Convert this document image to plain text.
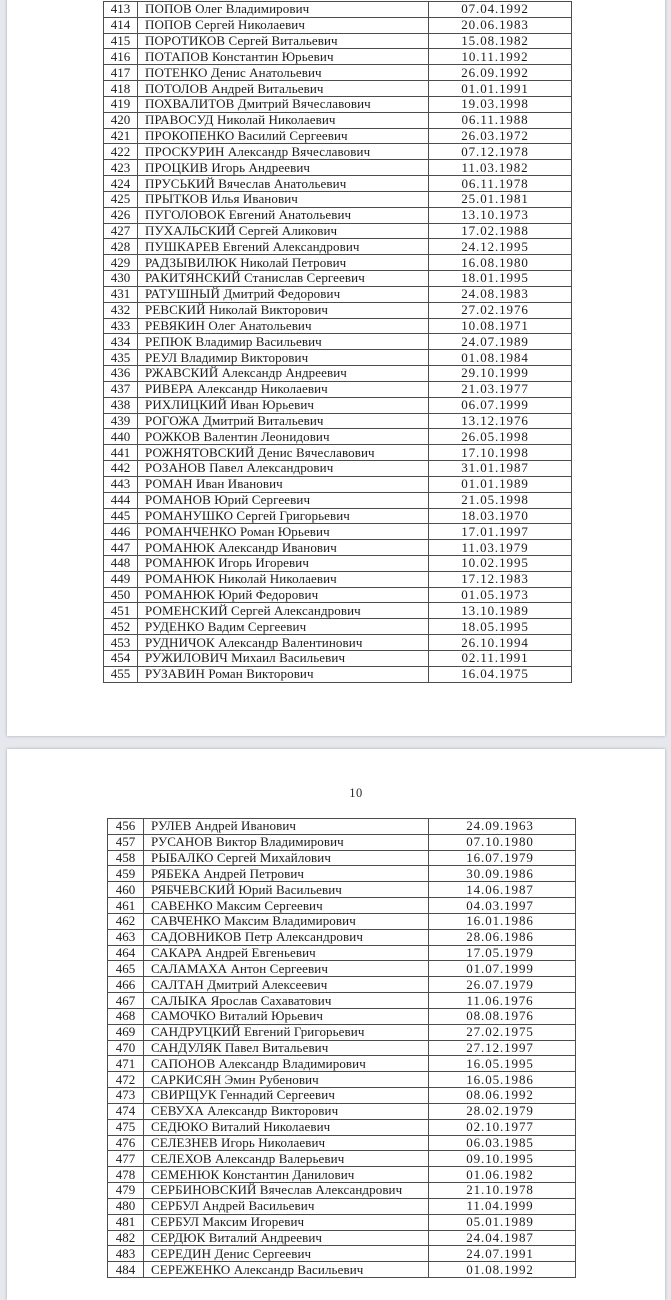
413	ПОПОВ Олег Владимирович	07.04.1992
414	ПОПОВ Сергей Николаевич	20.06.1983
415	ПОРОТИКОВ Сергей Витальевич	15.08.1982
416	ПОТАПОВ Константин Юрьевич	10.11.1992
417	ПОТЕНКО Денис Анатольевич	26.09.1992
418	ПОТОЛОВ Андрей Витальевич	01.01.1991
419	ПОХВАЛИТОВ Дмитрий Вячеславович	19.03.1998
420	ПРАВОСУД Николай Николаевич	06.11.1988
421	ПРОКОПЕНКО Василий Сергеевич	26.03.1972
422	ПРОСКУРИН Александр Вячеславович	07.12.1978
423	ПРОЦКИВ Игорь Андреевич	11.03.1982
424	ПРУСЬКИЙ Вячеслав Анатольевич	06.11.1978
425	ПРЫТКОВ Илья Иванович	25.01.1981
426	ПУГОЛОВОК Евгений Анатольевич	13.10.1973
427	ПУХАЛЬСКИЙ Сергей Аликович	17.02.1988
428	ПУШКАРЕВ Евгений Александрович	24.12.1995
429	РАДЗЫВИЛЮК Николай Петрович	16.08.1980
430	РАКИТЯНСКИЙ Станислав Сергеевич	18.01.1995
431	РАТУШНЫЙ Дмитрий Федорович	24.08.1983
432	РЕВСКИЙ Николай Викторович	27.02.1976
433	РЕВЯКИН Олег Анатольевич	10.08.1971
434	РЕПЮК Владимир Васильевич	24.07.1989
435	РЕУЛ Владимир Викторович	01.08.1984
436	РЖАВСКИЙ Александр Андреевич	29.10.1999
437	РИВЕРА Александр Николаевич	21.03.1977
438	РИХЛИЦКИЙ Иван Юрьевич	06.07.1999
439	РОГОЖА Дмитрий Витальевич	13.12.1976
440	РОЖКОВ Валентин Леонидович	26.05.1998
441	РОЖНЯТОВСКИЙ Денис Вячеславович	17.10.1998
442	РОЗАНОВ Павел Александрович	31.01.1987
443	РОМАН Иван Иванович	01.01.1989
444	РОМАНОВ Юрий Сергеевич	21.05.1998
445	РОМАНУШКО Сергей Григорьевич	18.03.1970
446	РОМАНЧЕНКО Роман Юрьевич	17.01.1997
447	РОМАНЮК Александр Иванович	11.03.1979
448	РОМАНЮК Игорь Игоревич	10.02.1995
449	РОМАНЮК Николай Николаевич	17.12.1983
450	РОМАНЮК Юрий Федорович	01.05.1973
451	РОМЕНСКИЙ Сергей Александрович	13.10.1989
452	РУДЕНКО Вадим Сергеевич	18.05.1995
453	РУДНИЧОК Александр Валентинович	26.10.1994
454	РУЖИЛОВИЧ Михаил Васильевич	02.11.1991
455	РУЗАВИН Роман Викторович	16.04.1975
10
456	РУЛЕВ Андрей Иванович	24.09.1963
457	РУСАНОВ Виктор Владимирович	07.10.1980
458	РЫБАЛКО Сергей Михайлович	16.07.1979
459	РЯБЕКА Андрей Петрович	30.09.1986
460	РЯБЧЕВСКИЙ Юрий Васильевич	14.06.1987
461	САВЕНКО Максим Сергеевич	04.03.1997
462	САВЧЕНКО Максим Владимирович	16.01.1986
463	САДОВНИКОВ Петр Александрович	28.06.1986
464	САКАРА Андрей Евгеньевич	17.05.1979
465	САЛАМАХА Антон Сергеевич	01.07.1999
466	САЛТАН Дмитрий Алексеевич	26.07.1979
467	САЛЫКА Ярослав Сахаватович	11.06.1976
468	САМОЧКО Виталий Юрьевич	08.08.1976
469	САНДРУЦКИЙ Евгений Григорьевич	27.02.1975
470	САНДУЛЯК Павел Витальевич	27.12.1997
471	САПОНОВ Александр Владимирович	16.05.1995
472	САРКИСЯН Эмин Рубенович	16.05.1986
473	СВИРЩУК Геннадий Сергеевич	08.06.1992
474	СЕВУХА Александр Викторович	28.02.1979
475	СЕДЮКО Виталий Николаевич	02.10.1977
476	СЕЛЕЗНЕВ Игорь Николаевич	06.03.1985
477	СЕЛЕХОВ Александр Валерьевич	09.10.1995
478	СЕМЕНЮК Константин Данилович	01.06.1982
479	СЕРБИНОВСКИЙ Вячеслав Александрович	21.10.1978
480	СЕРБУЛ Андрей Васильевич	11.04.1999
481	СЕРБУЛ Максим Игоревич	05.01.1989
482	СЕРДЮК Виталий Андреевич	24.04.1987
483	СЕРЕДИН Денис Сергеевич	24.07.1991
484	СЕРЕЖЕНКО Александр Васильевич	01.08.1992
